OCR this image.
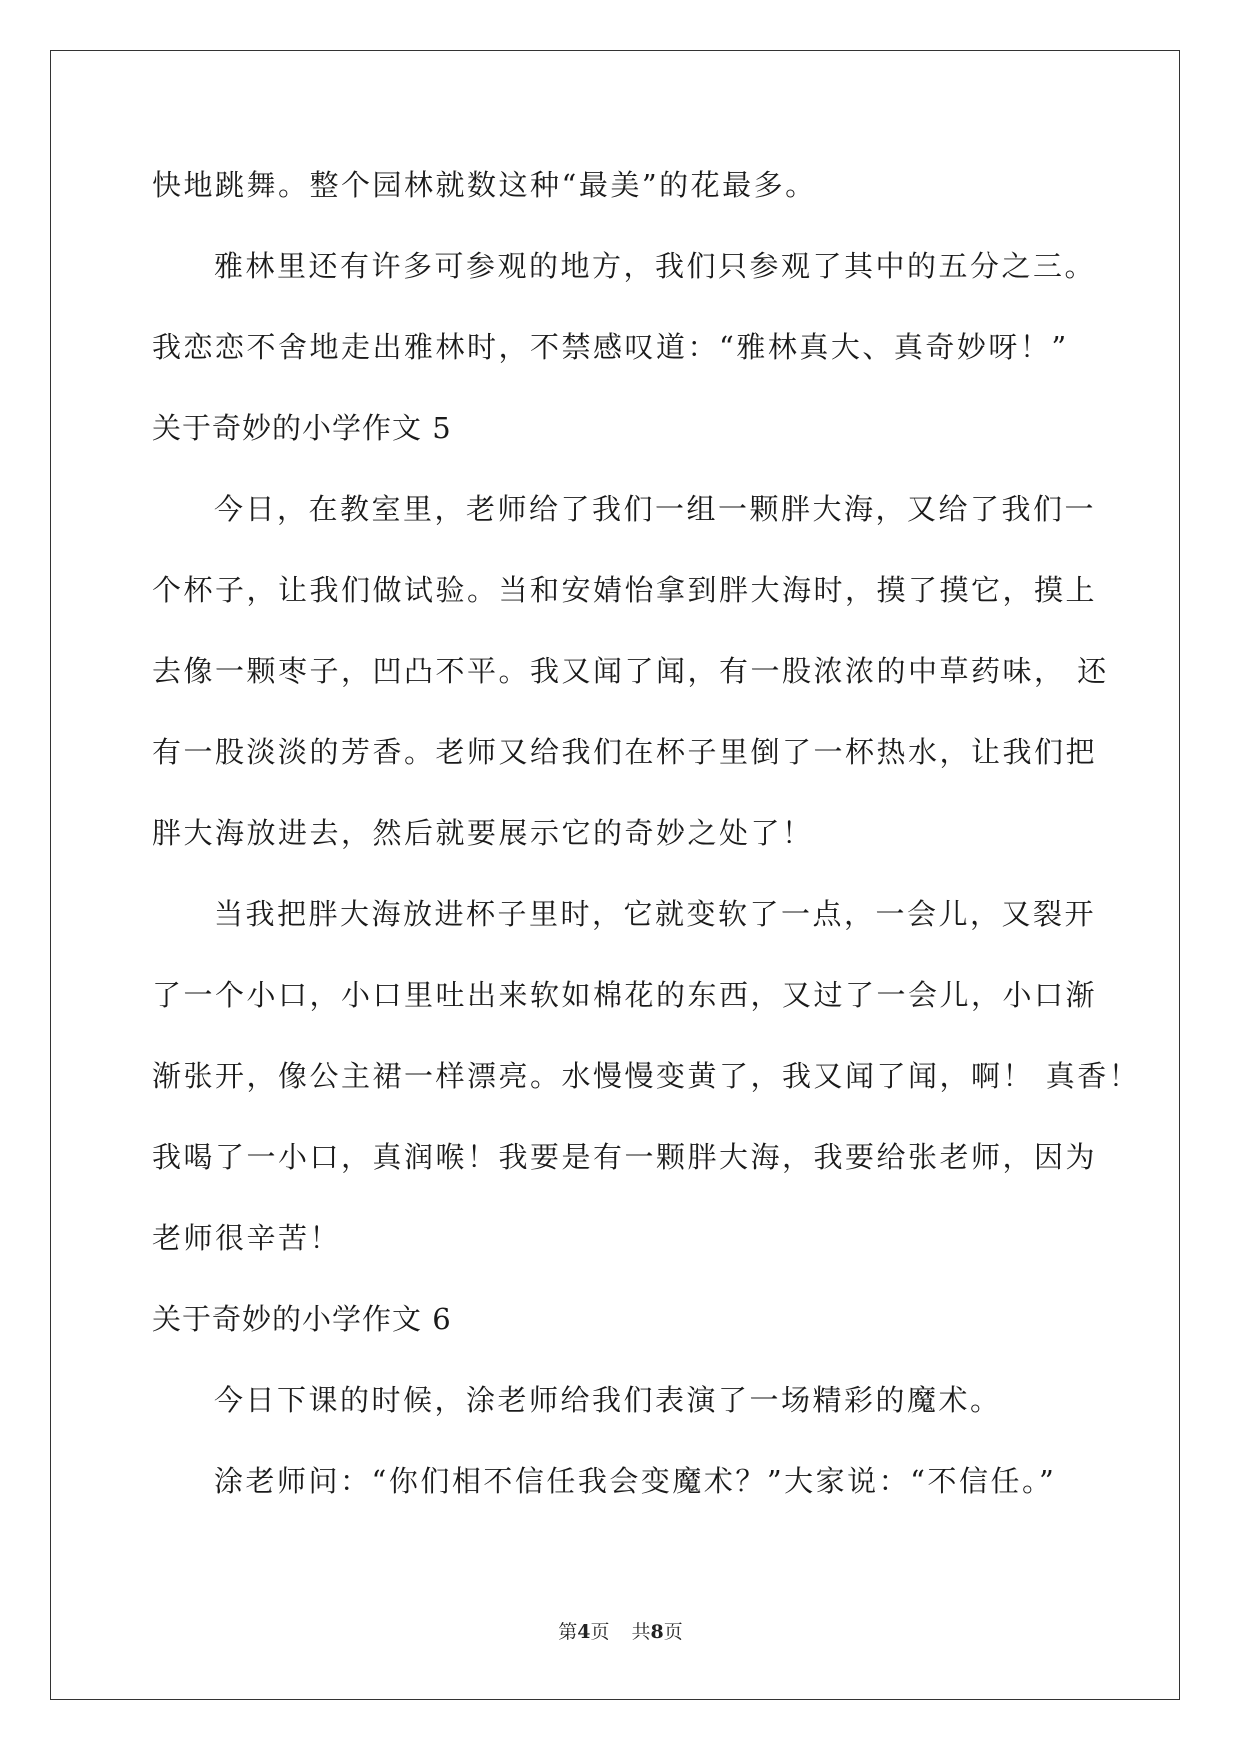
快地跳舞。整个园林就数这种“最美”的花最多。

雅林里还有许多可参观的地方，我们只参观了其中的五分之三。

我恋恋不舍地走出雅林时，不禁感叹道：“雅林真大、真奇妙呀！”

关于奇妙的小学作文 5

今日，在教室里，老师给了我们一组一颗胖大海，又给了我们一

个杯子，让我们做试验。当和安婧怡拿到胖大海时，摸了摸它，摸上

去像一颗枣子，凹凸不平。我又闻了闻，有一股浓浓的中草药味， 还

有一股淡淡的芳香。老师又给我们在杯子里倒了一杯热水，让我们把

胖大海放进去，然后就要展示它的奇妙之处了！

当我把胖大海放进杯子里时，它就变软了一点，一会儿，又裂开

了一个小口，小口里吐出来软如棉花的东西，又过了一会儿，小口渐

渐张开，像公主裙一样漂亮。水慢慢变黄了，我又闻了闻，啊！ 真香！

我喝了一小口，真润喉！我要是有一颗胖大海，我要给张老师，因为

老师很辛苦！

关于奇妙的小学作文 6

今日下课的时候，涂老师给我们表演了一场精彩的魔术。

涂老师问：“你们相不信任我会变魔术？”大家说：“不信任。”

第4页 共8页
